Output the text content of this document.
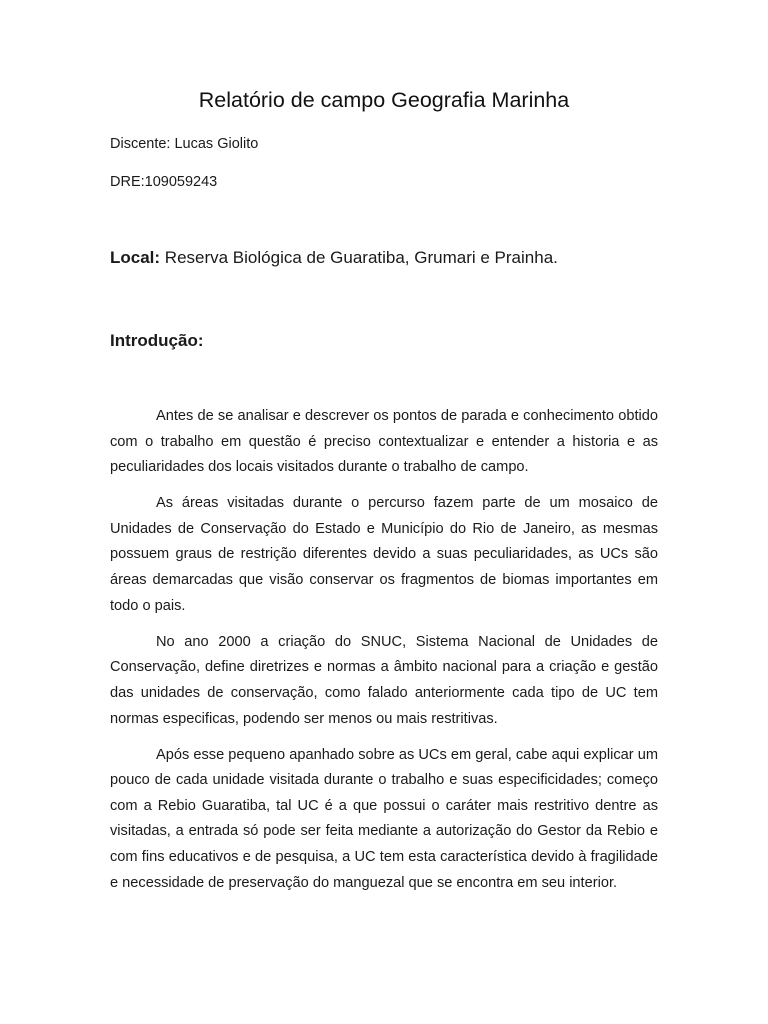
Relatório de campo Geografia Marinha
Discente: Lucas Giolito
DRE:109059243
Local: Reserva Biológica de Guaratiba, Grumari e Prainha.
Introdução:

Antes de se analisar e descrever os pontos de parada e conhecimento obtido com o trabalho em questão é preciso contextualizar e entender a historia e as peculiaridades dos locais visitados durante o trabalho de campo.

As áreas visitadas durante o percurso fazem parte de um mosaico de Unidades de Conservação do Estado e Município do Rio de Janeiro, as mesmas possuem graus de restrição diferentes devido a suas peculiaridades, as UCs são áreas demarcadas que visão conservar os fragmentos de biomas importantes em todo o pais.

No ano 2000 a criação do SNUC, Sistema Nacional de Unidades de Conservação, define diretrizes e normas a âmbito nacional para a criação e gestão das unidades de conservação, como falado anteriormente cada tipo de UC tem normas especificas, podendo ser menos ou mais restritivas.

Após esse pequeno apanhado sobre as UCs em geral, cabe aqui explicar um pouco de cada unidade visitada durante o trabalho e suas especificidades; começo com a Rebio Guaratiba, tal UC é a que possui o caráter mais restritivo dentre as visitadas, a entrada só pode ser feita mediante a autorização do Gestor da Rebio e com fins educativos e de pesquisa, a UC tem esta característica devido à fragilidade e necessidade de preservação do manguezal que se encontra em seu interior.
